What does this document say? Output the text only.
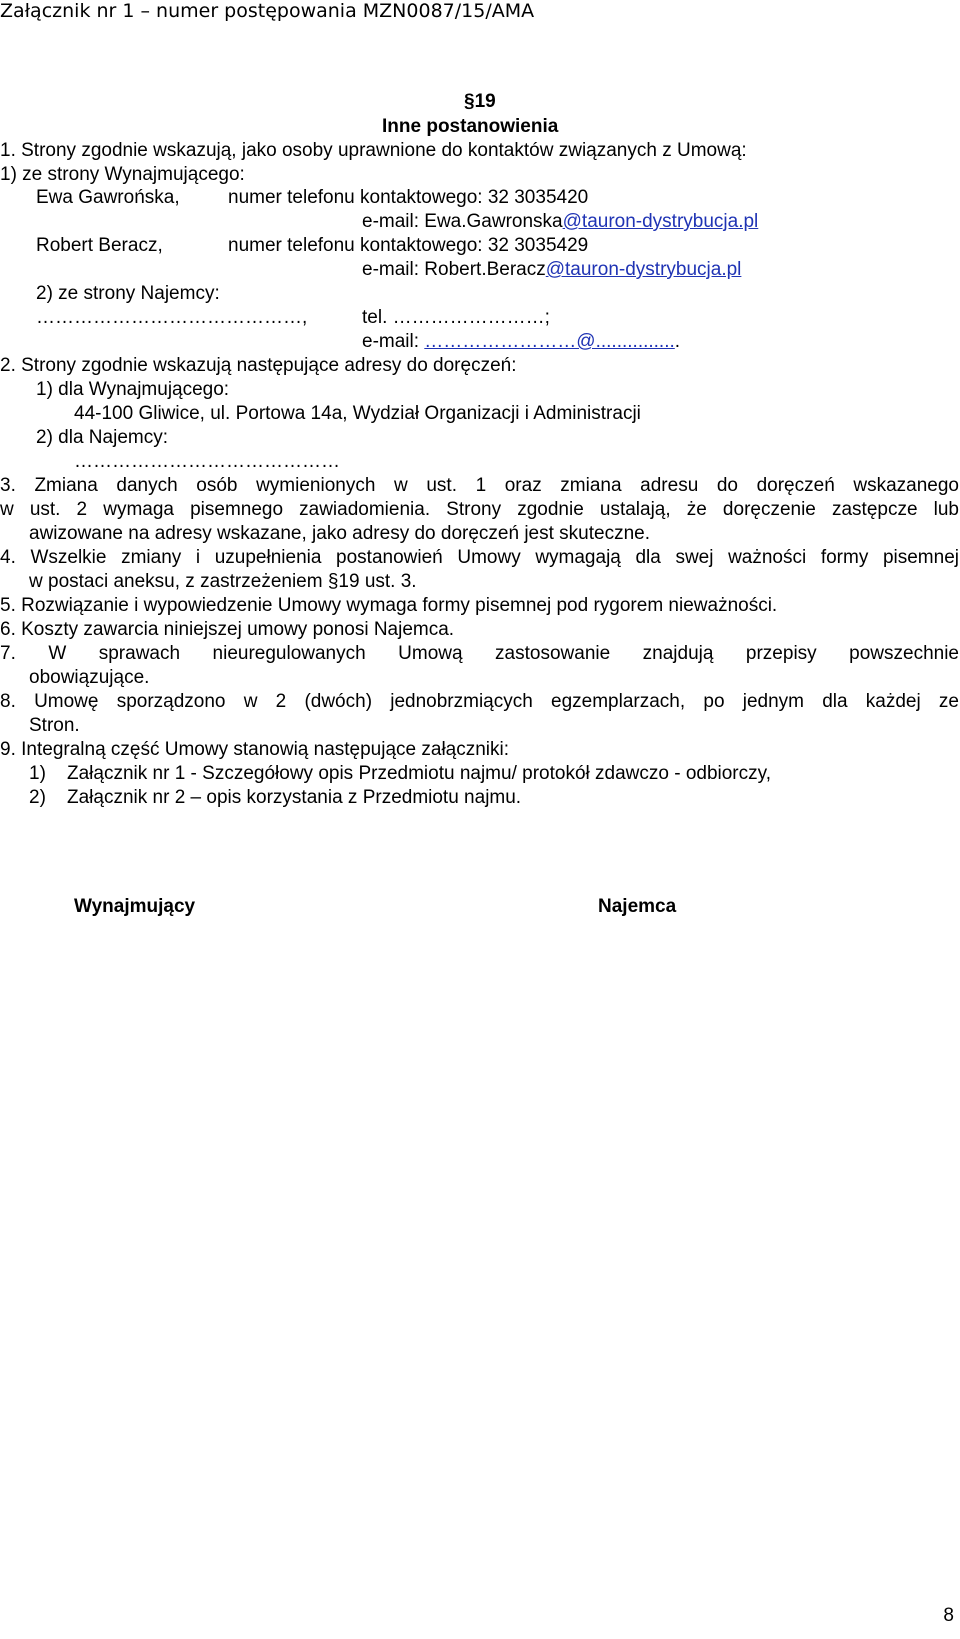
Załącznik nr 1 – numer postępowania MZN0087/15/AMA
§19
Inne postanowienia
1. Strony zgodnie wskazują, jako osoby uprawnione do kontaktów związanych z Umową:
1) ze strony Wynajmującego:
Ewa Gawrońska,	numer telefonu kontaktowego: 32 3035420
e-mail: Ewa.Gawronska@tauron-dystrybucja.pl
Robert Beracz,	numer telefonu kontaktowego: 32 3035429
e-mail: Robert.Beracz@tauron-dystrybucja.pl
2) ze strony Najemcy:
……………………………………,	tel. ……………………;
e-mail: ……………………@................
2. Strony zgodnie wskazują następujące adresy do doręczeń:
1) dla Wynajmującego:
44-100 Gliwice, ul. Portowa 14a, Wydział Organizacji i Administracji
2) dla Najemcy:
……………………………………
3. Zmiana danych osób wymienionych w ust. 1 oraz zmiana adresu do doręczeń wskazanego
w ust. 2 wymaga pisemnego zawiadomienia. Strony zgodnie ustalają, że doręczenie zastępcze lub
awizowane na adresy wskazane, jako adresy do doręczeń jest skuteczne.
4. Wszelkie zmiany i uzupełnienia postanowień Umowy wymagają dla swej ważności formy pisemnej
w postaci aneksu, z zastrzeżeniem §19 ust. 3.
5. Rozwiązanie i wypowiedzenie Umowy wymaga formy pisemnej pod rygorem nieważności.
6. Koszty zawarcia niniejszej umowy ponosi Najemca.
7. W sprawach nieuregulowanych Umową zastosowanie znajdują przepisy powszechnie
obowiązujące.
8. Umowę sporządzono w 2 (dwóch) jednobrzmiących egzemplarzach, po jednym dla każdej ze
Stron.
9. Integralną część Umowy stanowią następujące załączniki:
1)    Załącznik nr 1 - Szczegółowy opis Przedmiotu najmu/ protokół zdawczo - odbiorczy,
2)    Załącznik nr 2 – opis korzystania z Przedmiotu najmu.
Wynajmujący	Najemca
8
